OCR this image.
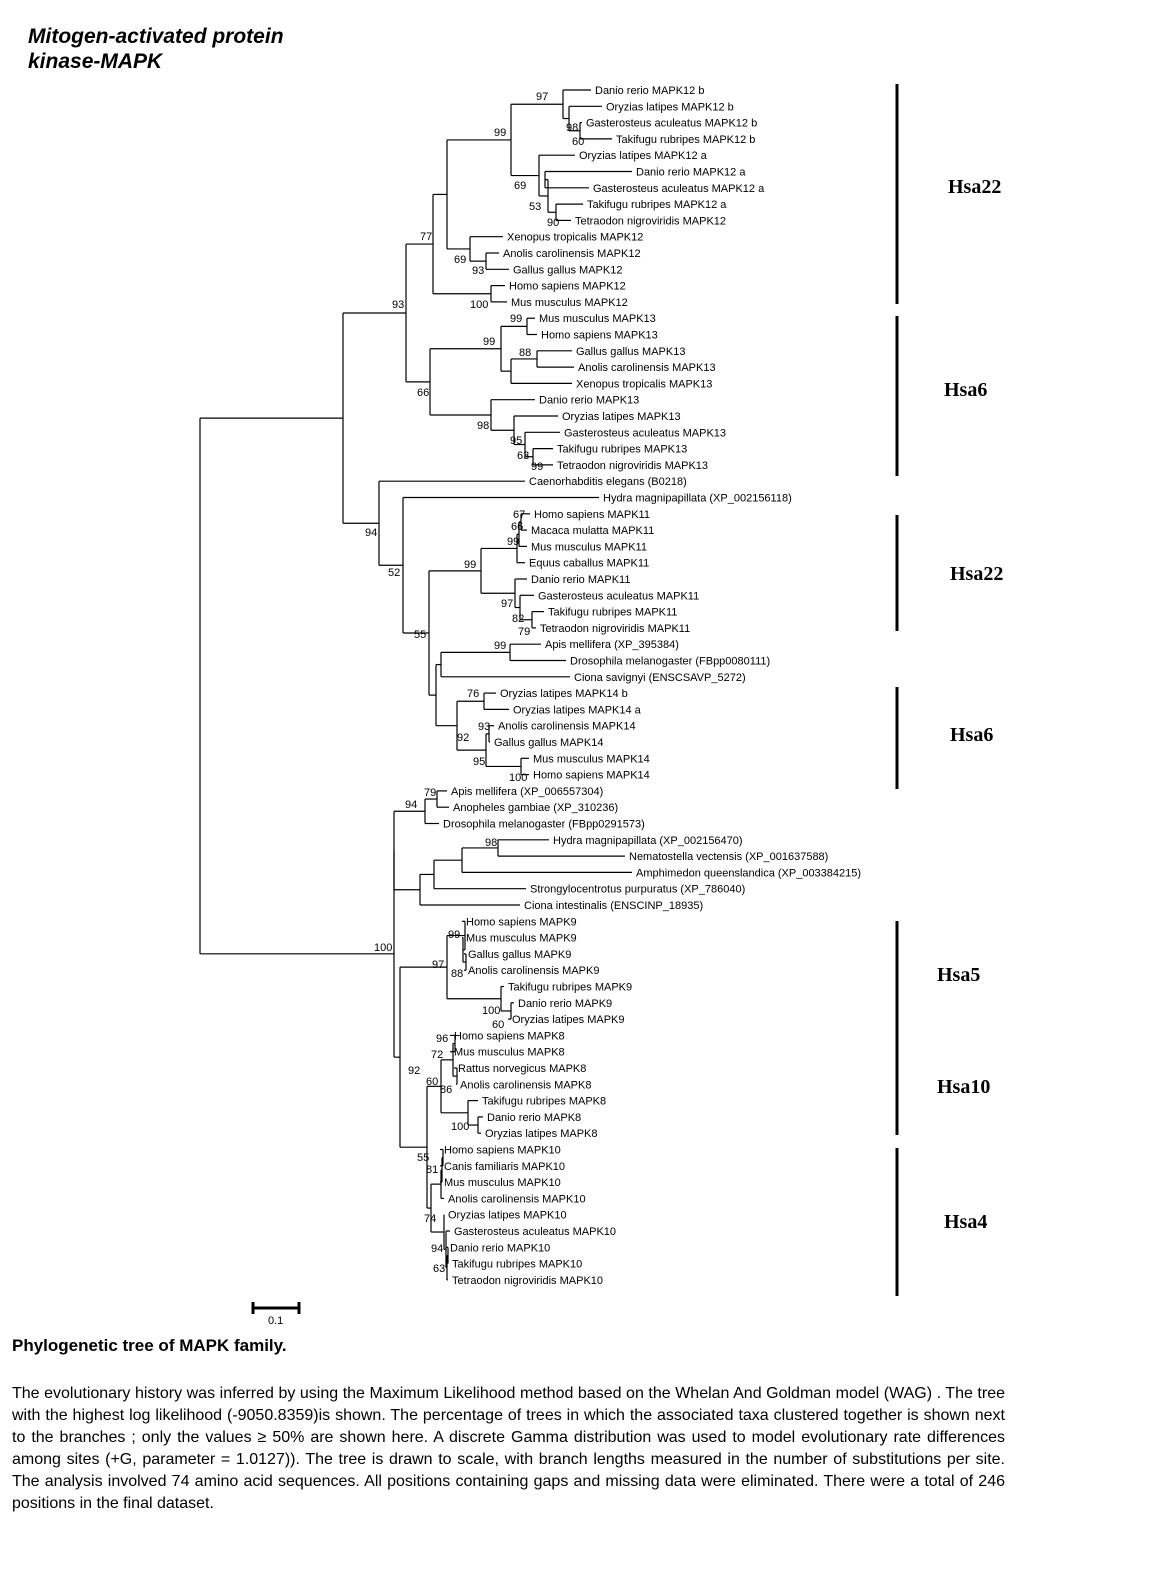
Mitogen-activated protein
kinase-MAPK
Danio rerio MAPK12 b
Oryzias latipes MAPK12 b
Gasterosteus aculeatus MAPK12 b
Takifugu rubripes MAPK12 b
Oryzias latipes MAPK12 a
Danio rerio MAPK12 a
Gasterosteus aculeatus MAPK12 a
Takifugu rubripes MAPK12 a
Tetraodon nigroviridis MAPK12
Xenopus tropicalis MAPK12
Anolis carolinensis MAPK12
Gallus gallus MAPK12
Homo sapiens MAPK12
Mus musculus MAPK12
Mus musculus MAPK13
Homo sapiens MAPK13
Gallus gallus MAPK13
Anolis carolinensis MAPK13
Xenopus tropicalis MAPK13
Danio rerio MAPK13
Oryzias latipes MAPK13
Gasterosteus aculeatus MAPK13
Takifugu rubripes MAPK13
Tetraodon nigroviridis MAPK13
Caenorhabditis elegans (B0218)
Hydra magnipapillata (XP_002156118)
Homo sapiens MAPK11
Macaca mulatta MAPK11
Mus musculus MAPK11
Equus caballus MAPK11
Danio rerio MAPK11
Gasterosteus aculeatus MAPK11
Takifugu rubripes MAPK11
Tetraodon nigroviridis MAPK11
Apis mellifera (XP_395384)
Drosophila melanogaster (FBpp0080111)
Ciona savignyi (ENSCSAVP_5272)
Oryzias latipes MAPK14 b
Oryzias latipes MAPK14 a
Anolis carolinensis MAPK14
Gallus gallus MAPK14
Mus musculus MAPK14
Homo sapiens MAPK14
Apis mellifera (XP_006557304)
Anopheles gambiae (XP_310236)
Drosophila melanogaster (FBpp0291573)
Hydra magnipapillata (XP_002156470)
Nematostella vectensis (XP_001637588)
Amphimedon queenslandica (XP_003384215)
Strongylocentrotus purpuratus (XP_786040)
Ciona intestinalis (ENSCINP_18935)
Homo sapiens MAPK9
Mus musculus MAPK9
Gallus gallus MAPK9
Anolis carolinensis MAPK9
Takifugu rubripes MAPK9
Danio rerio MAPK9
Oryzias latipes MAPK9
Homo sapiens MAPK8
Mus musculus MAPK8
Rattus norvegicus MAPK8
Anolis carolinensis MAPK8
Takifugu rubripes MAPK8
Danio rerio MAPK8
Oryzias latipes MAPK8
Homo sapiens MAPK10
Canis familiaris MAPK10
Mus musculus MAPK10
Anolis carolinensis MAPK10
Oryzias latipes MAPK10
Gasterosteus aculeatus MAPK10
Danio rerio MAPK10
Takifugu rubripes MAPK10
Tetraodon nigroviridis MAPK10
97
98
60
99
69
53
90
77
69
93
100
93
99
99
88
66
98
95
63
99
94
52
55
67
66
99
99
97
82
79
99
76
93
92
95
100
79
94
98
100
99
97
88
100
60
96
72
92
60
86
100
55
81
74
94
63
Hsa22
Hsa6
Hsa22
Hsa6
Hsa5
Hsa10
Hsa4
0.1
Phylogenetic tree of MAPK family.
The evolutionary history was inferred by using the Maximum Likelihood method based on the Whelan And Goldman model (WAG) . The tree with the highest log likelihood (-9050.8359)is shown. The percentage of trees in which the associated taxa clustered together is shown next to the branches ; only the values ≥ 50% are shown here. A discrete Gamma distribution was used to model evolutionary rate differences among sites (+G, parameter = 1.0127)). The tree is drawn to scale, with branch lengths measured in the number of substitutions per site. The analysis involved 74 amino acid sequences. All positions containing gaps and missing data were eliminated. There were a total of 246 positions in the final dataset.
